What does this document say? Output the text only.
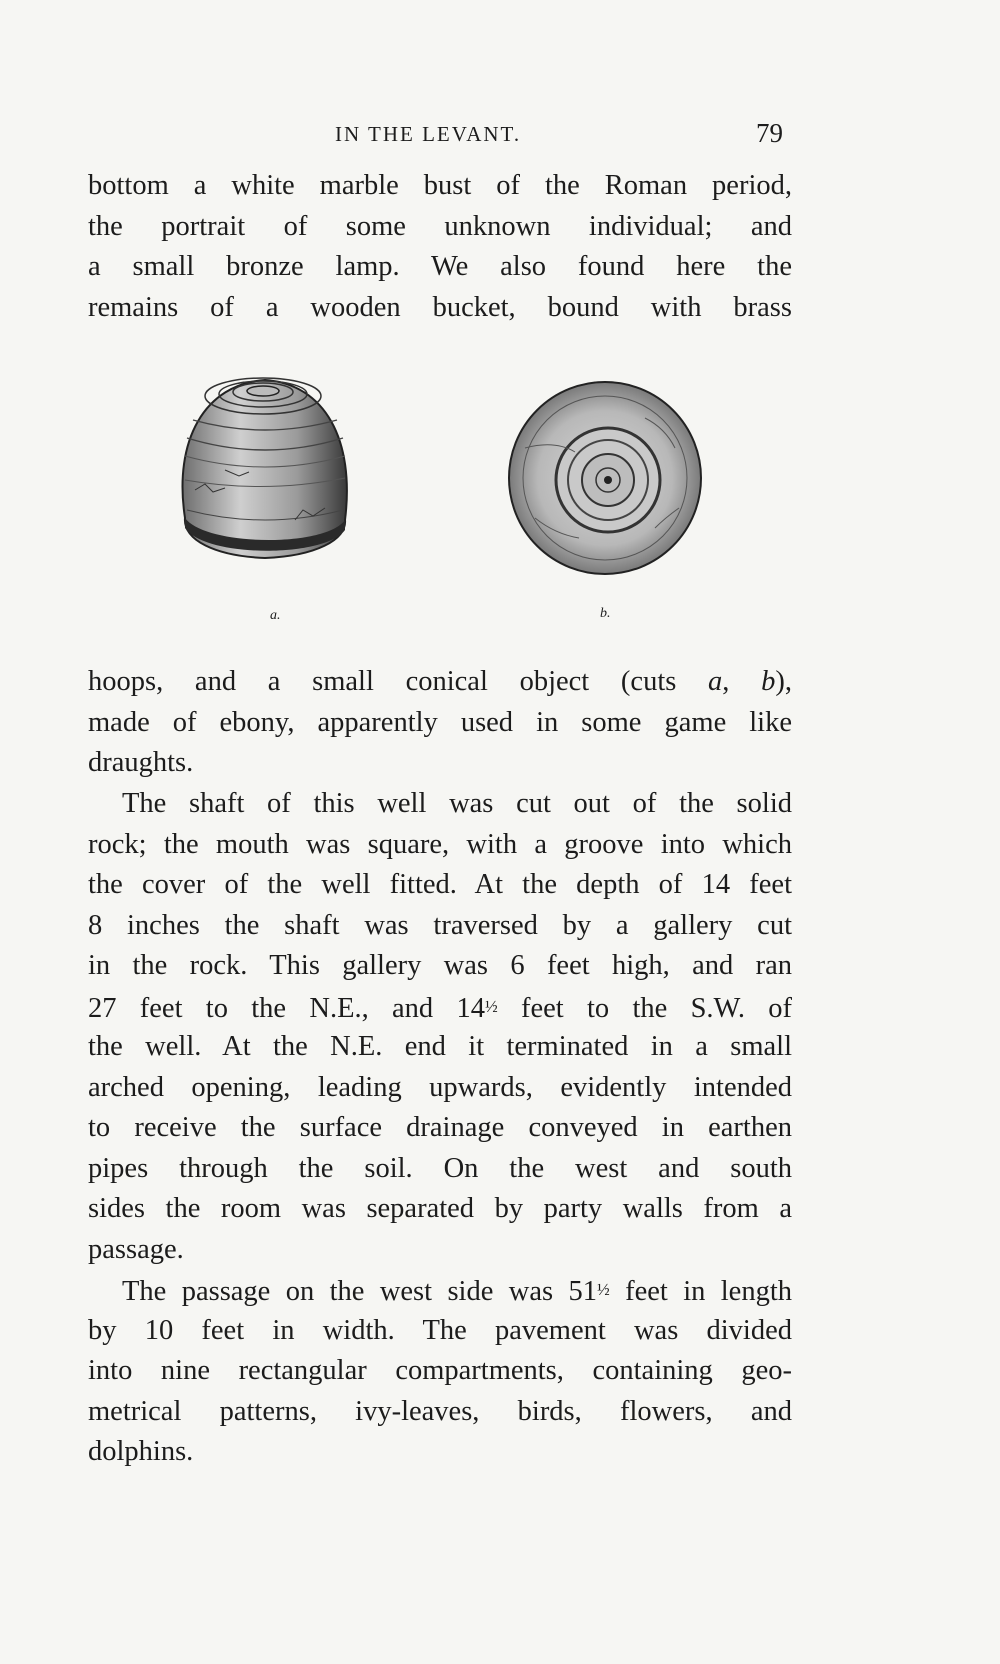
IN THE LEVANT.	79

bottom a white marble bust of the Roman period,
the portrait of some unknown individual; and
a small bronze lamp. We also found here the
remains of a wooden bucket, bound with brass

a.	b.

hoops, and a small conical object (cuts a, b),
made of ebony, apparently used in some game like
draughts.

The shaft of this well was cut out of the solid
rock; the mouth was square, with a groove into which
the cover of the well fitted. At the depth of 14 feet
8 inches the shaft was traversed by a gallery cut
in the rock. This gallery was 6 feet high, and ran
27 feet to the N.E., and 14½ feet to the S.W. of
the well. At the N.E. end it terminated in a small
arched opening, leading upwards, evidently intended
to receive the surface drainage conveyed in earthen
pipes through the soil. On the west and south
sides the room was separated by party walls from a
passage.

The passage on the west side was 51½ feet in length
by 10 feet in width. The pavement was divided
into nine rectangular compartments, containing geo-
metrical patterns, ivy-leaves, birds, flowers, and
dolphins.
